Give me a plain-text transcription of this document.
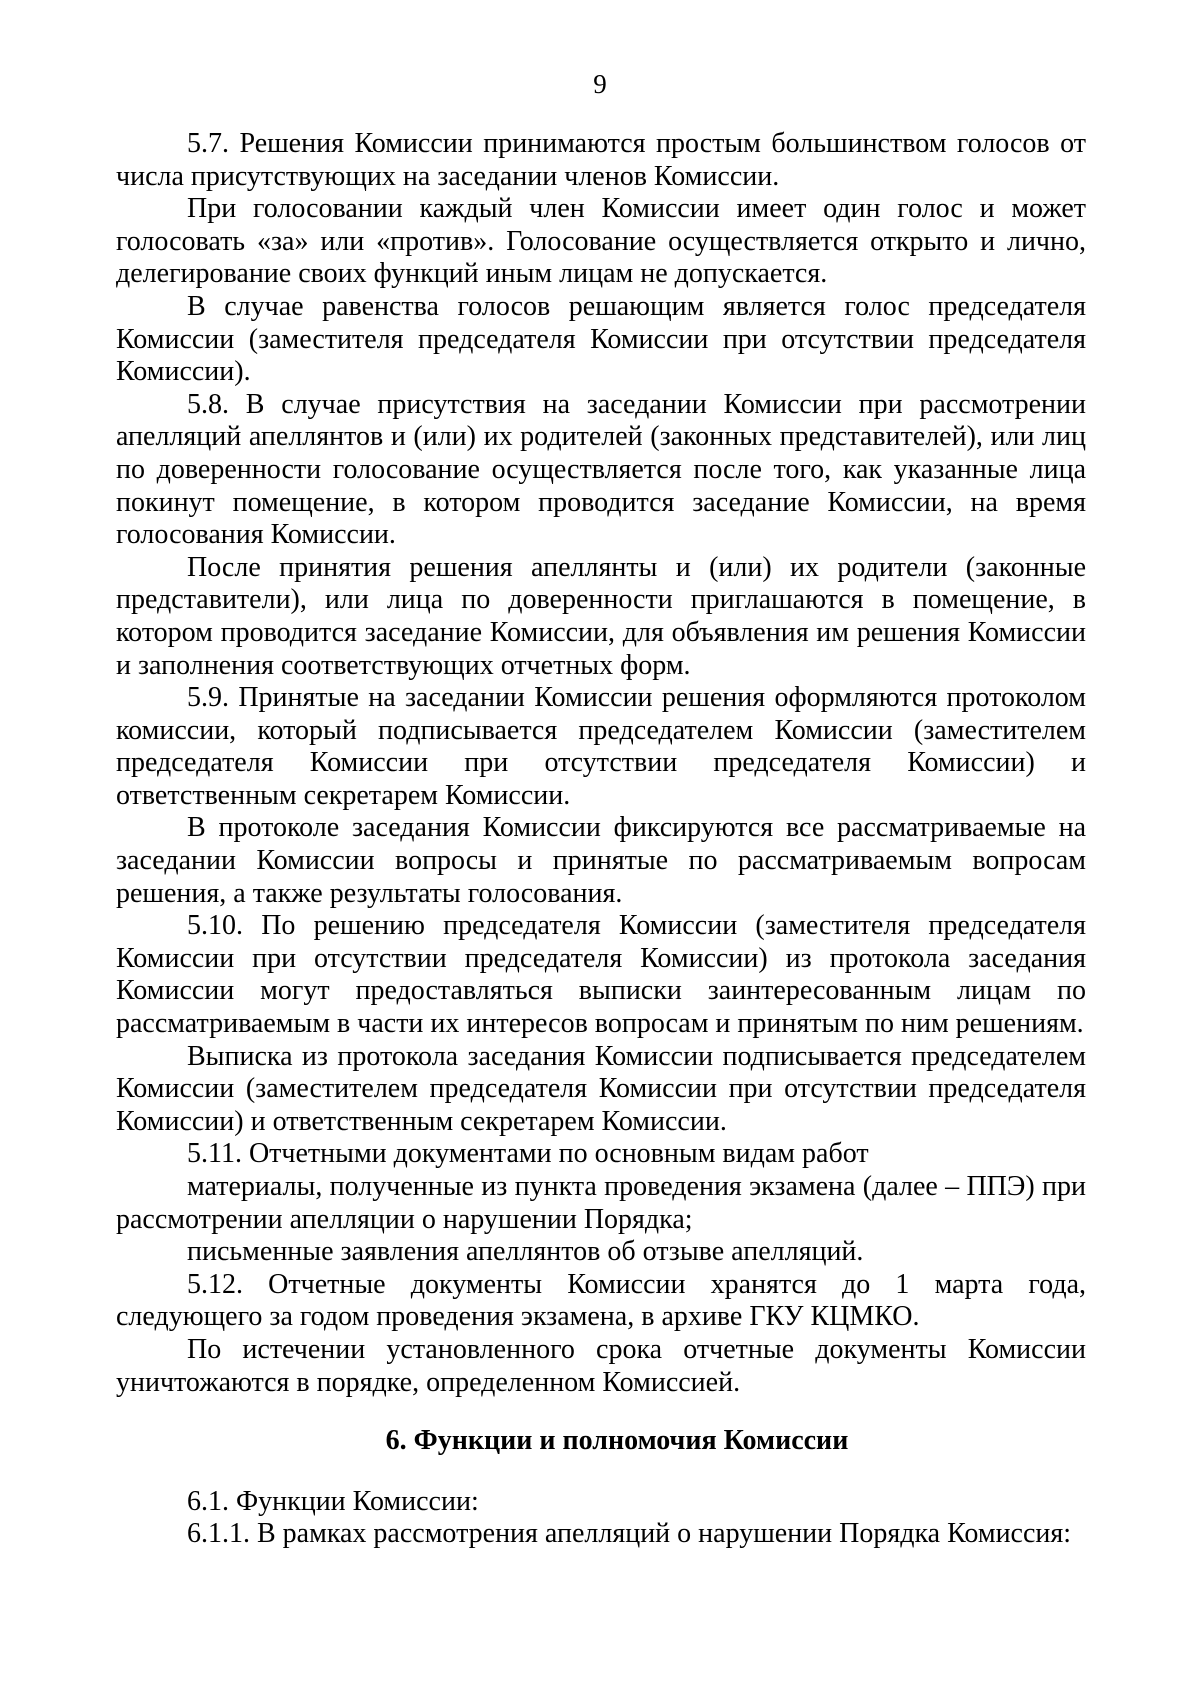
9

5.7. Решения Комиссии принимаются простым большинством голосов от числа присутствующих на заседании членов Комиссии.

При голосовании каждый член Комиссии имеет один голос и может голосовать «за» или «против». Голосование осуществляется открыто и лично, делегирование своих функций иным лицам не допускается.

В случае равенства голосов решающим является голос председателя Комиссии (заместителя председателя Комиссии при отсутствии председателя Комиссии).

5.8. В случае присутствия на заседании Комиссии при рассмотрении апелляций апеллянтов и (или) их родителей (законных представителей), или лиц по доверенности голосование осуществляется после того, как указанные лица покинут помещение, в котором проводится заседание Комиссии, на время голосования Комиссии.

После принятия решения апеллянты и (или) их родители (законные представители), или лица по доверенности приглашаются в помещение, в котором проводится заседание Комиссии, для объявления им решения Комиссии и заполнения соответствующих отчетных форм.

5.9. Принятые на заседании Комиссии решения оформляются протоколом комиссии, который подписывается председателем Комиссии (заместителем председателя Комиссии при отсутствии председателя Комиссии) и ответственным секретарем Комиссии.

В протоколе заседания Комиссии фиксируются все рассматриваемые на заседании Комиссии вопросы и принятые по рассматриваемым вопросам решения, а также результаты голосования.

5.10. По решению председателя Комиссии (заместителя председателя Комиссии при отсутствии председателя Комиссии) из протокола заседания Комиссии могут предоставляться выписки заинтересованным лицам по рассматриваемым в части их интересов вопросам и принятым по ним решениям.

Выписка из протокола заседания Комиссии подписывается председателем Комиссии (заместителем председателя Комиссии при отсутствии председателя Комиссии) и ответственным секретарем Комиссии.

5.11. Отчетными документами по основным видам работ

материалы, полученные из пункта проведения экзамена (далее – ППЭ) при рассмотрении апелляции о нарушении Порядка;

письменные заявления апеллянтов об отзыве апелляций.

5.12. Отчетные документы Комиссии хранятся до 1 марта года, следующего за годом проведения экзамена, в архиве ГКУ КЦМКО.

По истечении установленного срока отчетные документы Комиссии уничтожаются в порядке, определенном Комиссией.

6. Функции и полномочия Комиссии

6.1. Функции Комиссии:

6.1.1. В рамках рассмотрения апелляций о нарушении Порядка Комиссия:
